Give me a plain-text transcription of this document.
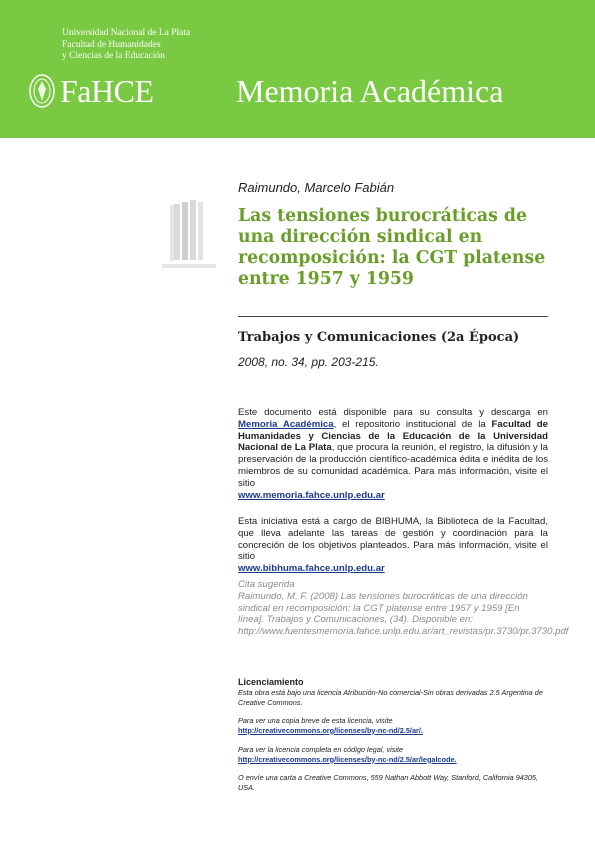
Universidad Nacional de La Plata
Facultad de Humanidades
y Ciencias de la Educación
FaHCE	Memoria Académica
Raimundo, Marcelo Fabián
Las tensiones burocráticas de una dirección sindical en recomposición: la CGT platense entre 1957 y 1959
Trabajos y Comunicaciones (2a Época)
2008, no. 34, pp. 203-215.
Este documento está disponible para su consulta y descarga en Memoria Académica, el repositorio institucional de la Facultad de Humanidades y Ciencias de la Educación de la Universidad Nacional de La Plata, que procura la reunión, el registro, la difusión y la preservación de la producción científico-académica édita e inédita de los miembros de su comunidad académica. Para más información, visite el sitio
www.memoria.fahce.unlp.edu.ar
Esta iniciativa está a cargo de BIBHUMA, la Biblioteca de la Facultad, que lleva adelante las tareas de gestión y coordinación para la concreción de los objetivos planteados. Para más información, visite el sitio
www.bibhuma.fahce.unlp.edu.ar
Cita sugerida
Raimundo, M. F. (2008) Las tensiones burocráticas de una dirección sindical en recomposición: la CGT platense entre 1957 y 1959 [En línea]. Trabajos y Comunicaciones, (34). Disponible en: http://www.fuentesmemoria.fahce.unlp.edu.ar/art_revistas/pr.3730/pr.3730.pdf
Licenciamiento
Esta obra está bajo una licencia Atribución-No comercial-Sin obras derivadas 2.5 Argentina de Creative Commons.
Para ver una copia breve de esta licencia, visite
http://creativecommons.org/licenses/by-nc-nd/2.5/ar/.
Para ver la licencia completa en código legal, visite
http://creativecommons.org/licenses/by-nc-nd/2.5/ar/legalcode.
O envíe una carta a Creative Commons, 559 Nathan Abbott Way, Stanford, California 94305, USA.
